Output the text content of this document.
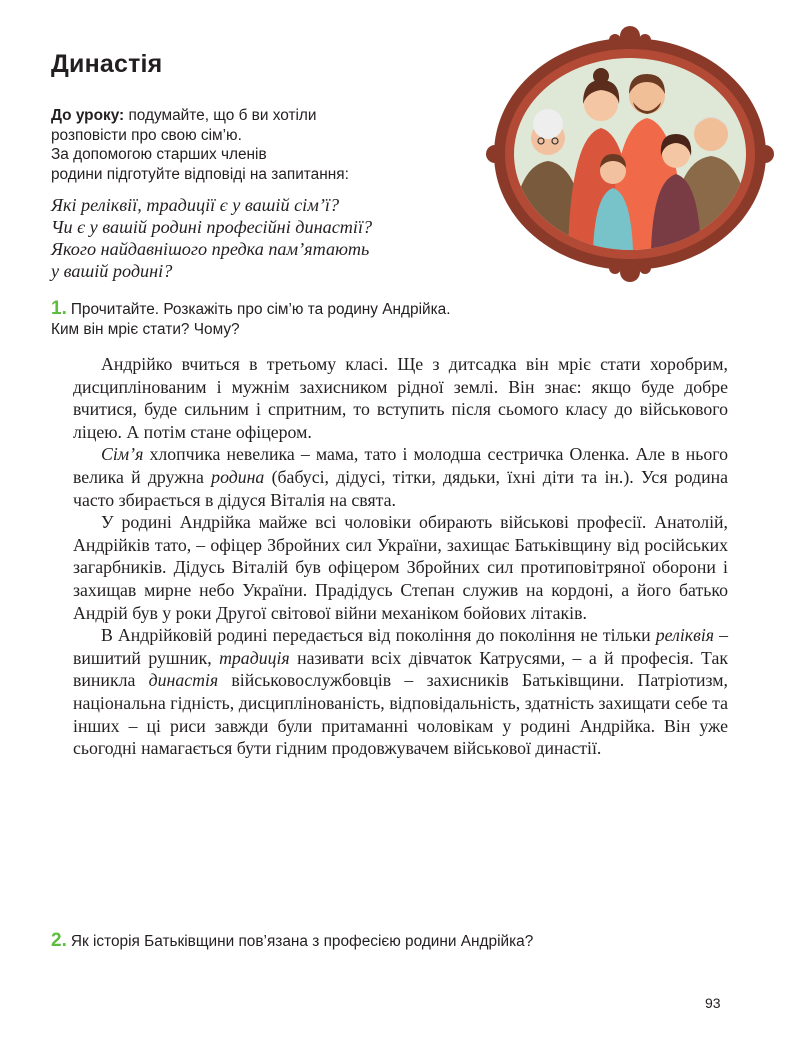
Династія
До уроку: подумайте, що б ви хотіли
розповісти про свою сім’ю.
За допомогою старших членів
родини підготуйте відповіді на запитання:
Які реліквії, традиції є у вашій сім’ї?
Чи є у вашій родині професійні династії?
Якого найдавнішого предка пам’ятають
у вашій родині?
1. Прочитайте. Розкажіть про сім’ю та родину Андрійка.
Ким він мріє стати? Чому?

Андрійко вчиться в третьому класі. Ще з дитсадка він мріє стати хоробрим, дисциплінованим і мужнім захисником рідної землі. Він знає: якщо буде добре вчитися, буде сильним і спритним, то вступить після сьомого класу до військового ліцею. А потім стане офіцером.

Сім’я хлопчика невелика – мама, тато і молодша сестричка Оленка. Але в нього велика й дружна родина (бабусі, дідусі, тітки, дядьки, їхні діти та ін.). Уся родина часто збирається в дідуся Віталія на свята.

У родині Андрійка майже всі чоловіки обирають військові професії. Анатолій, Андрійків тато, – офіцер Збройних сил України, захищає Батьківщину від російських загарбників. Дідусь Віталій був офіцером Збройних сил протиповітряної оборони і захищав мирне небо України. Прадідусь Степан служив на кордоні, а його батько Андрій був у роки Другої світової війни механіком бойових літаків.

В Андрійковій родині передається від покоління до покоління не тільки реліквія – вишитий рушник, традиція називати всіх дівчаток Катрусями, – а й професія. Так виникла династія військовослужбовців – захисників Батьківщини. Патріотизм, національна гідність, дисциплінованість, відповідальність, здатність захищати себе та інших – ці риси завжди були притаманні чоловікам у родині Андрійка. Він уже сьогодні намагається бути гідним продовжувачем військової династії.

2. Як історія Батьківщини пов’язана з професією родини Андрійка?
93
